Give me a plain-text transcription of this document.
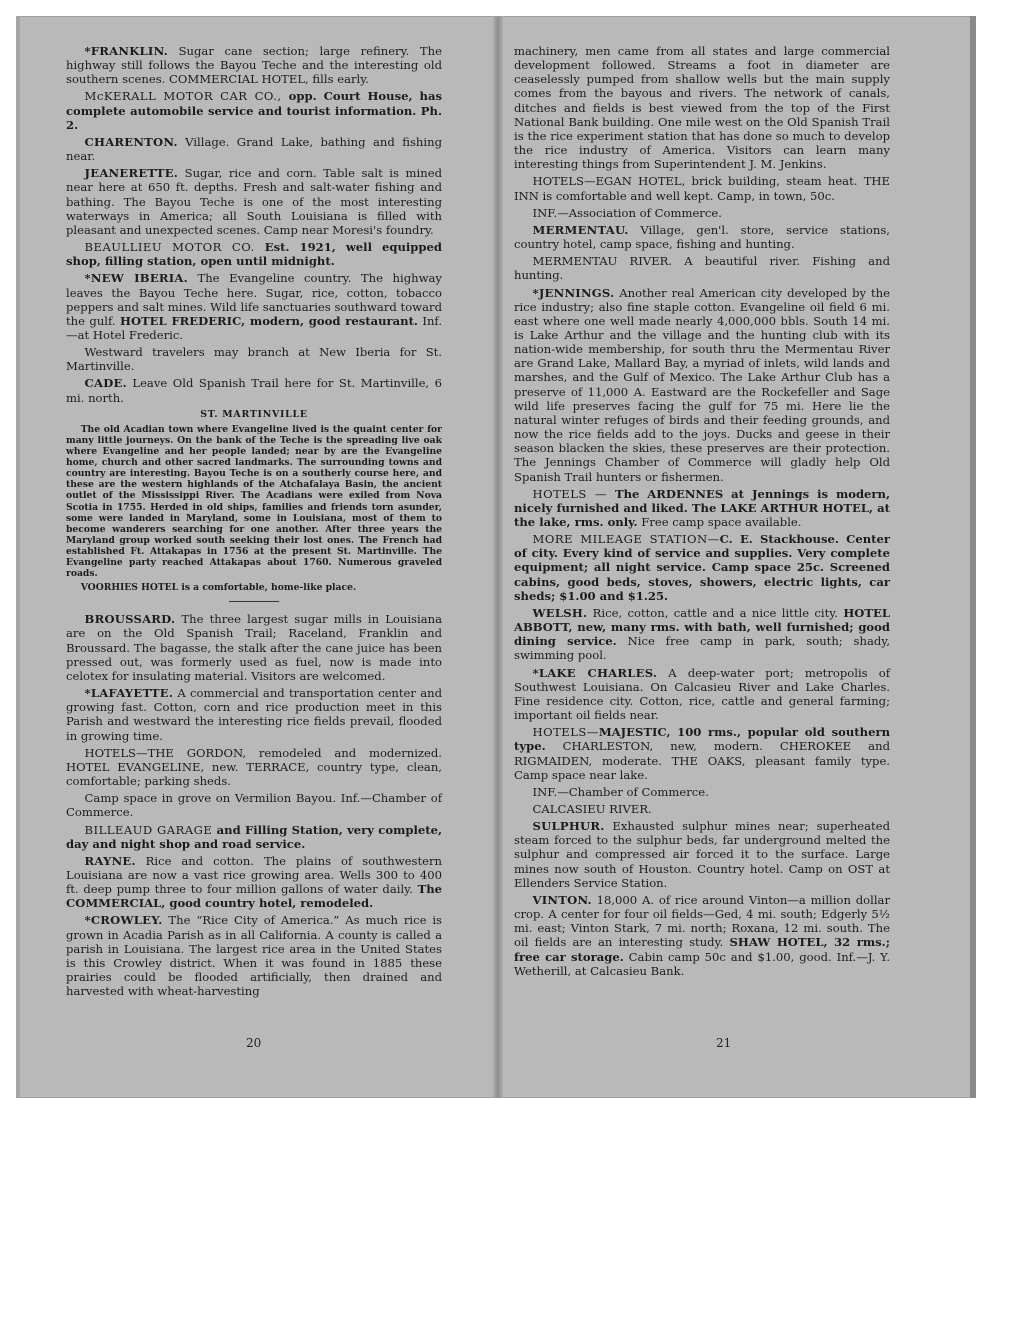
*FRANKLIN. Sugar cane section; large refinery. The highway still follows the Bayou Teche and the interesting old southern scenes. COMMERCIAL HOTEL, fills early.

McKERALL MOTOR CAR CO., opp. Court House, has complete automobile service and tourist information. Ph. 2.

CHARENTON. Village. Grand Lake, bathing and fishing near.

JEANERETTE. Sugar, rice and corn. Table salt is mined near here at 650 ft. depths. Fresh and salt-water fishing and bathing. The Bayou Teche is one of the most interesting waterways in America; all South Louisiana is filled with pleasant and unexpected scenes. Camp near Moresi's foundry.

BEAULLIEU MOTOR CO. Est. 1921, well equipped shop, filling station, open until midnight.

*NEW IBERIA. The Evangeline country. The highway leaves the Bayou Teche here. Sugar, rice, cotton, tobacco peppers and salt mines. Wild life sanctuaries southward toward the gulf. HOTEL FREDERIC, modern, good restaurant. Inf.—at Hotel Frederic.

Westward travelers may branch at New Iberia for St. Martinville.

CADE. Leave Old Spanish Trail here for St. Martinville, 6 mi. north.

ST. MARTINVILLE

The old Acadian town where Evangeline lived is the quaint center for many little journeys. On the bank of the Teche is the spreading live oak where Evangeline and her people landed; near by are the Evangeline home, church and other sacred landmarks. The surrounding towns and country are interesting. Bayou Teche is on a southerly course here, and these are the western highlands of the Atchafalaya Basin, the ancient outlet of the Mississippi River. The Acadians were exiled from Nova Scotia in 1755. Herded in old ships, families and friends torn asunder, some were landed in Maryland, some in Louisiana, most of them to become wanderers searching for one another. After three years the Maryland group worked south seeking their lost ones. The French had established Ft. Attakapas in 1756 at the present St. Martinville. The Evangeline party reached Attakapas about 1760. Numerous graveled roads.

VOORHIES HOTEL is a comfortable, home-like place.

BROUSSARD. The three largest sugar mills in Louisiana are on the Old Spanish Trail; Raceland, Franklin and Broussard. The bagasse, the stalk after the cane juice has been pressed out, was formerly used as fuel, now is made into celotex for insulating material. Visitors are welcomed.

*LAFAYETTE. A commercial and transportation center and growing fast. Cotton, corn and rice production meet in this Parish and westward the interesting rice fields prevail, flooded in growing time.

HOTELS—THE GORDON, remodeled and modernized. HOTEL EVANGELINE, new. TERRACE, country type, clean, comfortable; parking sheds.

Camp space in grove on Vermilion Bayou. Inf.—Chamber of Commerce.

BILLEAUD GARAGE and Filling Station, very complete, day and night shop and road service.

RAYNE. Rice and cotton. The plains of southwestern Louisiana are now a vast rice growing area. Wells 300 to 400 ft. deep pump three to four million gallons of water daily. The COMMERCIAL, good country hotel, remodeled.

*CROWLEY. The “Rice City of America.” As much rice is grown in Acadia Parish as in all California. A county is called a parish in Louisiana. The largest rice area in the United States is this Crowley district. When it was found in 1885 these prairies could be flooded artificially, then drained and harvested with wheat-harvesting

20

machinery, men came from all states and large commercial development followed. Streams a foot in diameter are ceaselessly pumped from shallow wells but the main supply comes from the bayous and rivers. The network of canals, ditches and fields is best viewed from the top of the First National Bank building. One mile west on the Old Spanish Trail is the rice experiment station that has done so much to develop the rice industry of America. Visitors can learn many interesting things from Superintendent J. M. Jenkins.

HOTELS—EGAN HOTEL, brick building, steam heat. THE INN is comfortable and well kept. Camp, in town, 50c.

INF.—Association of Commerce.

MERMENTAU. Village, gen'l. store, service stations, country hotel, camp space, fishing and hunting.

MERMENTAU RIVER. A beautiful river. Fishing and hunting.

*JENNINGS. Another real American city developed by the rice industry; also fine staple cotton. Evangeline oil field 6 mi. east where one well made nearly 4,000,000 bbls. South 14 mi. is Lake Arthur and the village and the hunting club with its nation-wide membership, for south thru the Mermentau River are Grand Lake, Mallard Bay, a myriad of inlets, wild lands and marshes, and the Gulf of Mexico. The Lake Arthur Club has a preserve of 11,000 A. Eastward are the Rockefeller and Sage wild life preserves facing the gulf for 75 mi. Here lie the natural winter refuges of birds and their feeding grounds, and now the rice fields add to the joys. Ducks and geese in their season blacken the skies, these preserves are their protection. The Jennings Chamber of Commerce will gladly help Old Spanish Trail hunters or fishermen.

HOTELS — The ARDENNES at Jennings is modern, nicely furnished and liked. The LAKE ARTHUR HOTEL, at the lake, rms. only. Free camp space available.

MORE MILEAGE STATION—C. E. Stackhouse. Center of city. Every kind of service and supplies. Very complete equipment; all night service. Camp space 25c. Screened cabins, good beds, stoves, showers, electric lights, car sheds; $1.00 and $1.25.

WELSH. Rice, cotton, cattle and a nice little city. HOTEL ABBOTT, new, many rms. with bath, well furnished; good dining service. Nice free camp in park, south; shady, swimming pool.

*LAKE CHARLES. A deep-water port; metropolis of Southwest Louisiana. On Calcasieu River and Lake Charles. Fine residence city. Cotton, rice, cattle and general farming; important oil fields near.

HOTELS—MAJESTIC, 100 rms., popular old southern type. CHARLESTON, new, modern. CHEROKEE and RIGMAIDEN, moderate. THE OAKS, pleasant family type. Camp space near lake.

INF.—Chamber of Commerce.

CALCASIEU RIVER.

SULPHUR. Exhausted sulphur mines near; superheated steam forced to the sulphur beds, far underground melted the sulphur and compressed air forced it to the surface. Large mines now south of Houston. Country hotel. Camp on OST at Ellenders Service Station.

VINTON. 18,000 A. of rice around Vinton—a million dollar crop. A center for four oil fields—Ged, 4 mi. south; Edgerly 5½ mi. east; Vinton Stark, 7 mi. north; Roxana, 12 mi. south. The oil fields are an interesting study. SHAW HOTEL, 32 rms.; free car storage. Cabin camp 50c and $1.00, good. Inf.—J. Y. Wetherill, at Calcasieu Bank.

21
